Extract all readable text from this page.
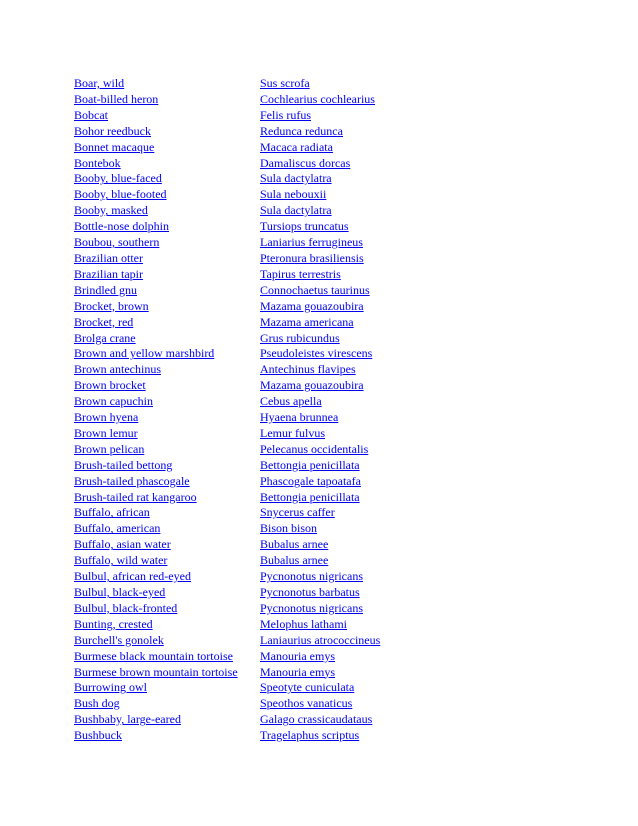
Boar, wild	Sus scrofa
Boat-billed heron	Cochlearius cochlearius
Bobcat	Felis rufus
Bohor reedbuck	Redunca redunca
Bonnet macaque	Macaca radiata
Bontebok	Damaliscus dorcas
Booby, blue-faced	Sula dactylatra
Booby, blue-footed	Sula nebouxii
Booby, masked	Sula dactylatra
Bottle-nose dolphin	Tursiops truncatus
Boubou, southern	Laniarius ferrugineus
Brazilian otter	Pteronura brasiliensis
Brazilian tapir	Tapirus terrestris
Brindled gnu	Connochaetus taurinus
Brocket, brown	Mazama gouazoubira
Brocket, red	Mazama americana
Brolga crane	Grus rubicundus
Brown and yellow marshbird	Pseudoleistes virescens
Brown antechinus	Antechinus flavipes
Brown brocket	Mazama gouazoubira
Brown capuchin	Cebus apella
Brown hyena	Hyaena brunnea
Brown lemur	Lemur fulvus
Brown pelican	Pelecanus occidentalis
Brush-tailed bettong	Bettongia penicillata
Brush-tailed phascogale	Phascogale tapoatafa
Brush-tailed rat kangaroo	Bettongia penicillata
Buffalo, african	Snycerus caffer
Buffalo, american	Bison bison
Buffalo, asian water	Bubalus arnee
Buffalo, wild water	Bubalus arnee
Bulbul, african red-eyed	Pycnonotus nigricans
Bulbul, black-eyed	Pycnonotus barbatus
Bulbul, black-fronted	Pycnonotus nigricans
Bunting, crested	Melophus lathami
Burchell's gonolek	Laniaurius atrococcineus
Burmese black mountain tortoise	Manouria emys
Burmese brown mountain tortoise	Manouria emys
Burrowing owl	Speotyte cuniculata
Bush dog	Speothos vanaticus
Bushbaby, large-eared	Galago crassicaudataus
Bushbuck	Tragelaphus scriptus
